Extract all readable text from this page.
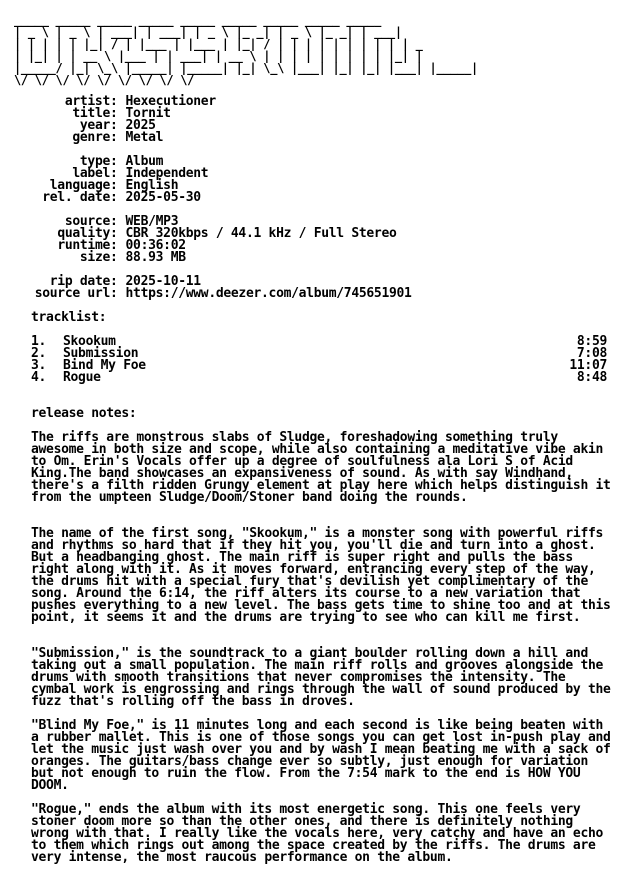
_____ _____ _____ _____ _____ _____ _____ _____ _____
| _ \ | _ \ | ___| | ___| | _ \ |_ _| | _ \ |_ _| | ___|
| | | | | |_| / | |___ | |___ | |_| / | | | | | | | | | | _
| |_| | | __ \ |___ | | ___| | __ \ | | | | | | | | | |_| |
|_____/ |_| \_\ |_____| |_____| |_| \_\ |___| |_| |_| |___| |_____|
\/ \/ \/ \/ \/ \/ \/ \/ \/
artist: Hexecutioner
title: Tornit
year: 2025
genre: Metal
type: Album
label: Independent
language: English
rel. date: 2025-05-30
source: WEB/MP3
quality: CBR 320kbps / 44.1 kHz / Full Stereo
runtime: 00:36:02
size: 88.93 MB
rip date: 2025-10-11
source url: https://www.deezer.com/album/745651901
tracklist:
1. Skookum	8:59
2. Submission	7:08
3. Bind My Foe	11:07
4. Rogue	8:48
release notes:
The riffs are monstrous slabs of Sludge, foreshadowing something truly awesome in both size and scope, while also containing a meditative vibe akin to Om. Erin's Vocals offer up a degree of soulfulness ala Lori S of Acid King.The band showcases an expansiveness of sound. As with say Windhand, there's a filth ridden Grungy element at play here which helps distinguish it from the umpteen Sludge/Doom/Stoner band doing the rounds.
The name of the first song, "Skookum," is a monster song with powerful riffs and rhythms so hard that if they hit you, you'll die and turn into a ghost. But a headbanging ghost. The main riff is super right and pulls the bass right along with it. As it moves forward, entrancing every step of the way, the drums hit with a special fury that's devilish yet complimentary of the song. Around the 6:14, the riff alters its course to a new variation that pushes everything to a new level. The bass gets time to shine too and at this point, it seems it and the drums are trying to see who can kill me first.
"Submission," is the soundtrack to a giant boulder rolling down a hill and taking out a small population. The main riff rolls and grooves alongside the drums with smooth transitions that never compromises the intensity. The cymbal work is engrossing and rings through the wall of sound produced by the fuzz that's rolling off the bass in droves.
"Blind My Foe," is 11 minutes long and each second is like being beaten with a rubber mallet. This is one of those songs you can get lost in-push play and let the music just wash over you and by wash I mean beating me with a sack of oranges. The guitars/bass change ever so subtly, just enough for variation but not enough to ruin the flow. From the 7:54 mark to the end is HOW YOU DOOM.
"Rogue," ends the album with its most energetic song. This one feels very stoner doom more so than the other ones, and there is definitely nothing wrong with that. I really like the vocals here, very catchy and have an echo to them which rings out among the space created by the riffs. The drums are very intense, the most raucous performance on the album.
